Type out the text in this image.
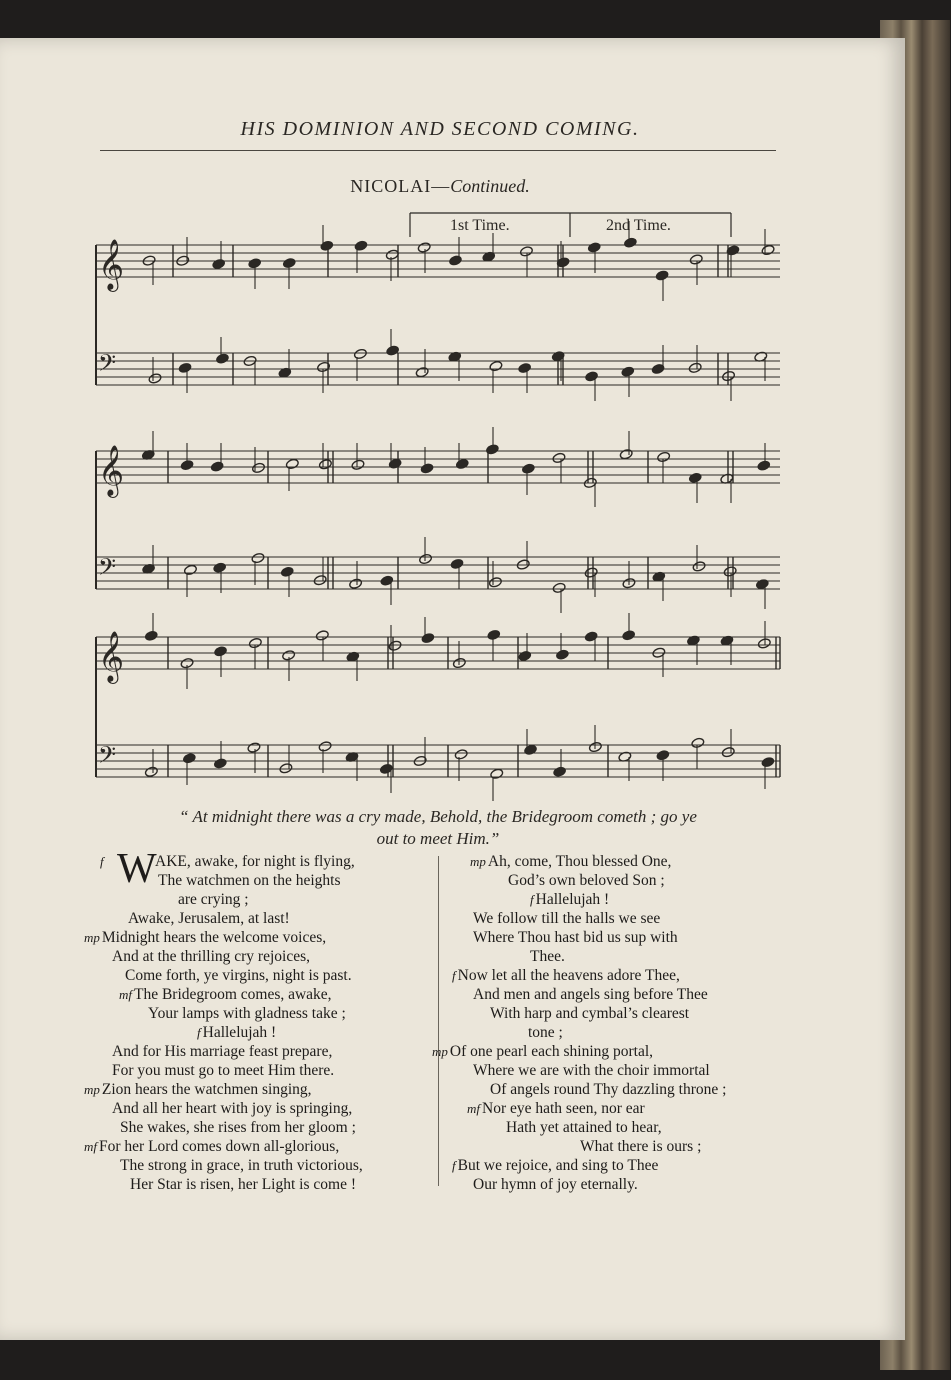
HIS DOMINION AND SECOND COMING.
NICOLAI—Continued.
1st Time.	2nd Time.
𝄞
𝄢
𝄞
𝄢
𝄞
𝄢
“ At midnight there was a cry made, Behold, the Bridegroom cometh ; go ye
out to meet Him.”
f W
AKE, awake, for night is flying,
The watchmen on the heights
are crying ;
Awake, Jerusalem, at last!
mp Midnight hears the welcome voices,
And at the thrilling cry rejoices,
Come forth, ye virgins, night is past.
mf The Bridegroom comes, awake,
Your lamps with gladness take ;
f Hallelujah !
And for His marriage feast prepare,
For you must go to meet Him there.
mp Zion hears the watchmen singing,
And all her heart with joy is springing,
She wakes, she rises from her gloom ;
mf For her Lord comes down all-glorious,
The strong in grace, in truth victorious,
Her Star is risen, her Light is come !
mp Ah, come, Thou blessed One,
God’s own beloved Son ;
f Hallelujah !
We follow till the halls we see
Where Thou hast bid us sup with
Thee.
f Now let all the heavens adore Thee,
And men and angels sing before Thee
With harp and cymbal’s clearest
tone ;
mp Of one pearl each shining portal,
Where we are with the choir immortal
Of angels round Thy dazzling throne ;
mf Nor eye hath seen, nor ear
Hath yet attained to hear,
What there is ours ;
f But we rejoice, and sing to Thee
Our hymn of joy eternally.
